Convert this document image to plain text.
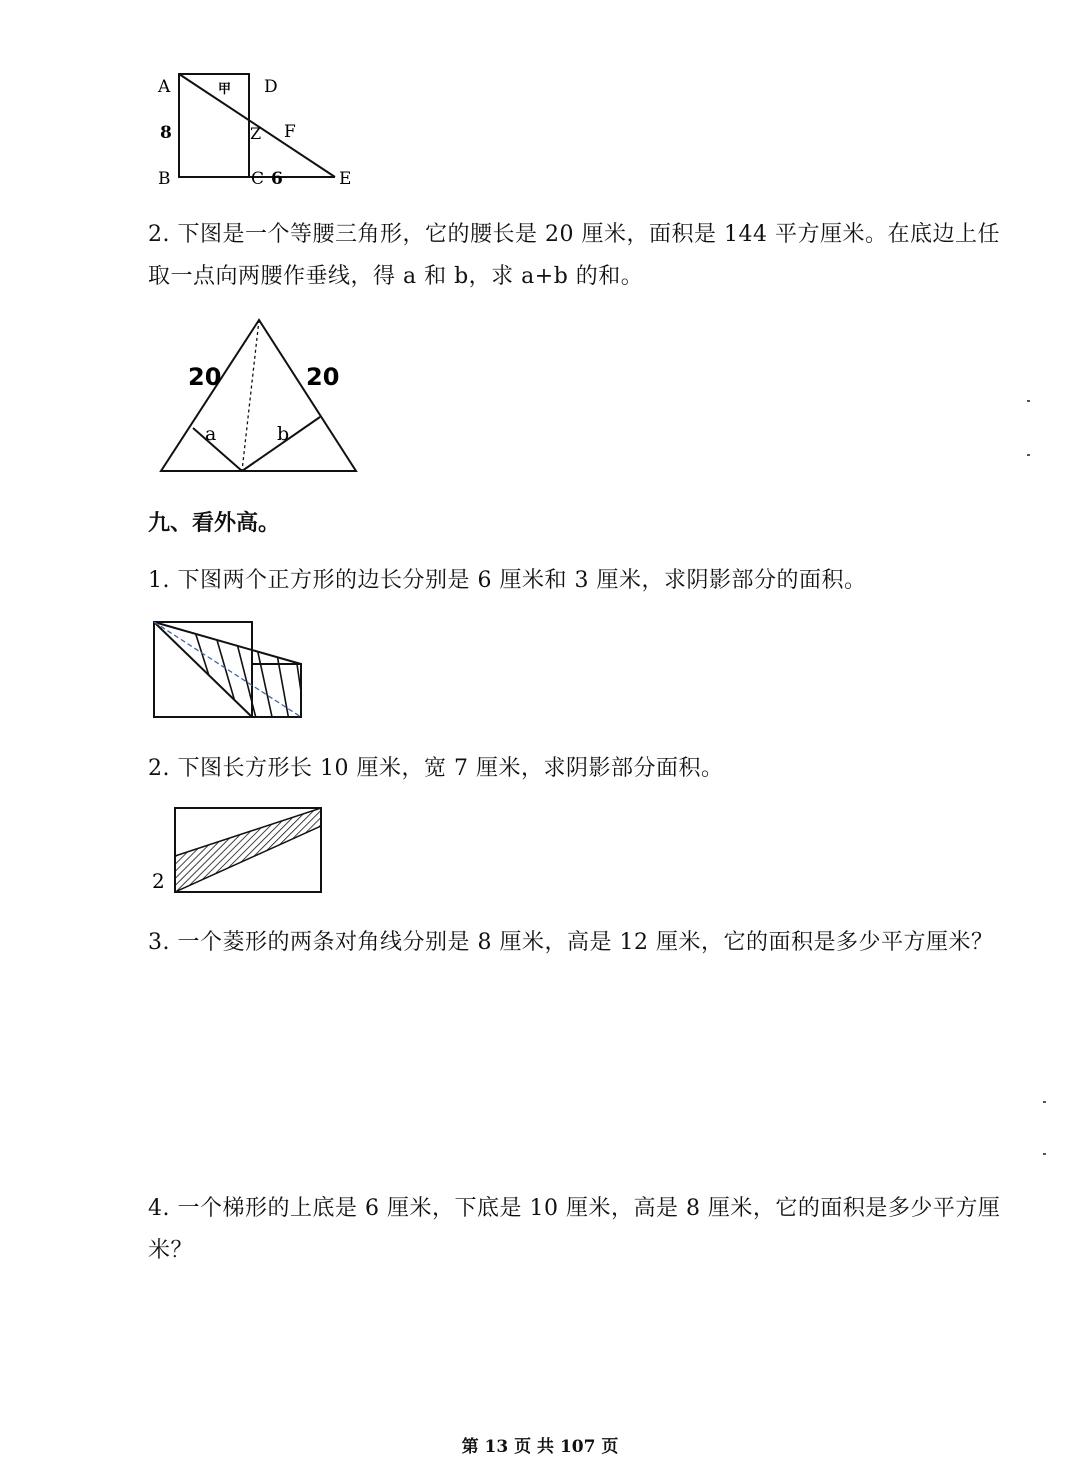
A	甲 D
8	Z F
B	C 6	E

2. 下图是一个等腰三角形，它的腰长是 20 厘米，面积是 144 平方厘米。在底边上任取一点向两腰作垂线，得 a 和 b，求 a+b 的和。

20	20
a	b
九、看外高。

1. 下图两个正方形的边长分别是 6 厘米和 3 厘米，求阴影部分的面积。

2. 下图长方形长 10 厘米，宽 7 厘米，求阴影部分面积。

2

3. 一个菱形的两条对角线分别是 8 厘米，高是 12 厘米，它的面积是多少平方厘米？

4. 一个梯形的上底是 6 厘米，下底是 10 厘米，高是 8 厘米，它的面积是多少平方厘米？

第 13 页 共 107 页
